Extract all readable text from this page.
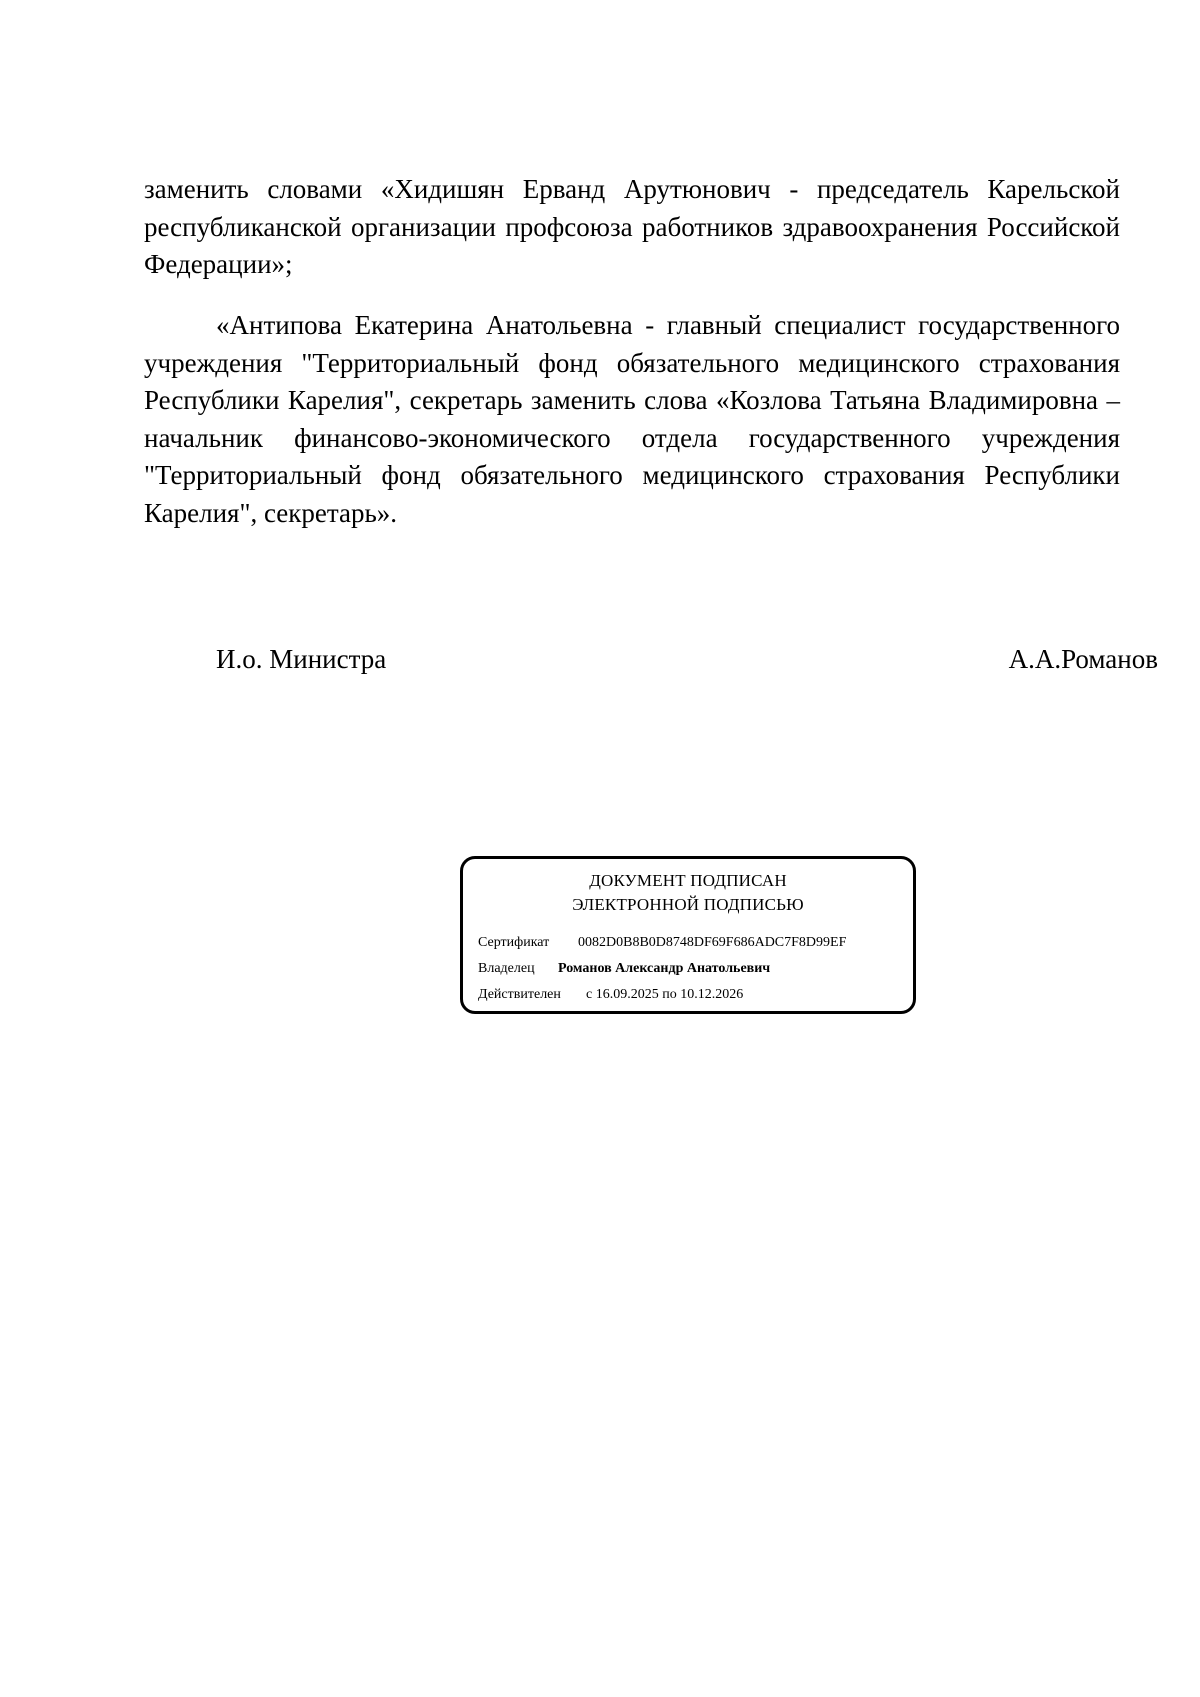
заменить словами «Хидишян Ерванд Арутюнович - председатель Карельской республиканской организации профсоюза работников здравоохранения Российской Федерации»;

«Антипова Екатерина Анатольевна - главный специалист государственного учреждения "Территориальный фонд обязательного медицинского страхования Республики Карелия", секретарь заменить слова «Козлова Татьяна Владимировна – начальник финансово-экономического отдела государственного учреждения "Территориальный фонд обязательного медицинского страхования Республики Карелия", секретарь».

И.о. Министра	А.А.Романов
ДОКУМЕНТ ПОДПИСАН
ЭЛЕКТРОННОЙ ПОДПИСЬЮ
Сертификат 0082D0B8B0D8748DF69F686ADC7F8D99EF
Владелец Романов Александр Анатольевич
Действителен с 16.09.2025 по 10.12.2026
